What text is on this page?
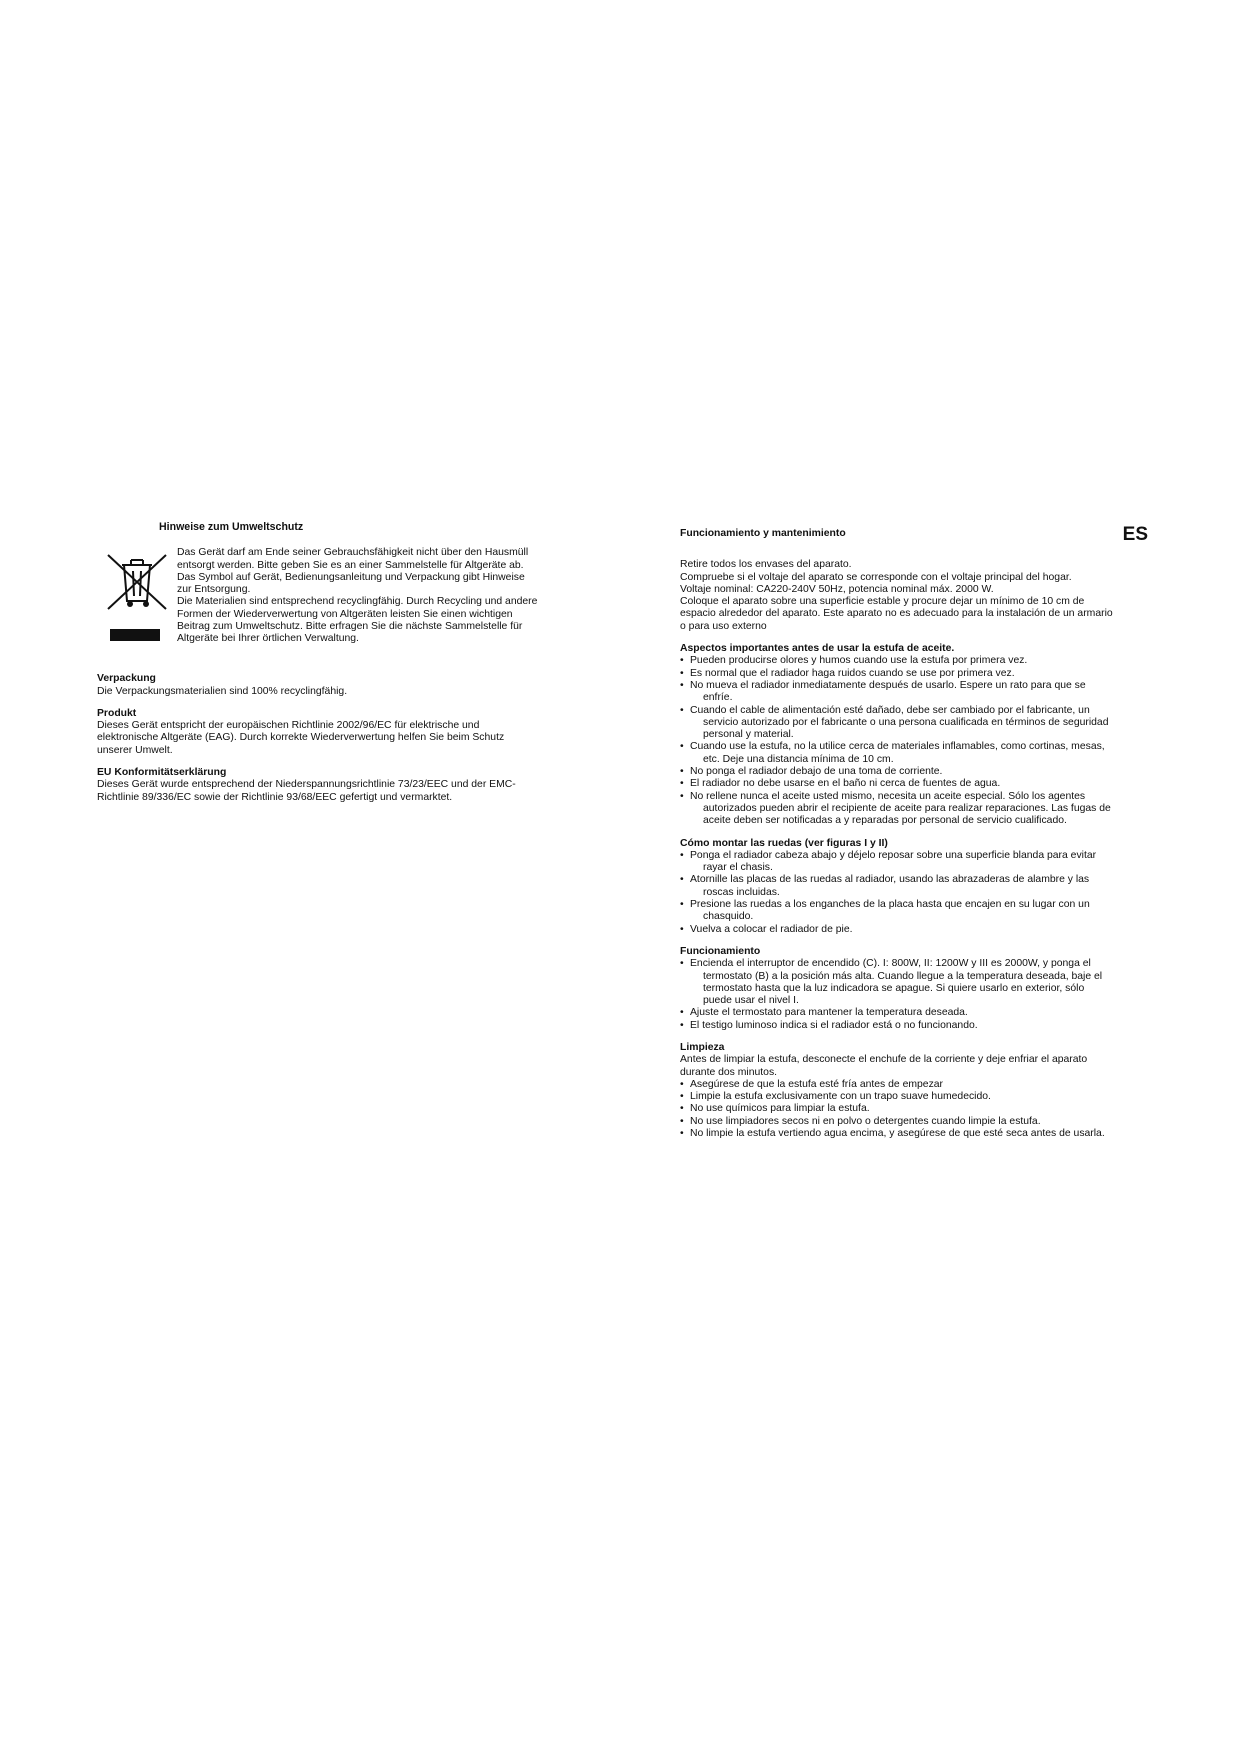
Hinweise zum Umweltschutz

Das Gerät darf am Ende seiner Gebrauchsfähigkeit nicht über den Hausmüll

entsorgt werden. Bitte geben Sie es an einer Sammelstelle für Altgeräte ab.

Das Symbol auf Gerät, Bedienungsanleitung und Verpackung gibt Hinweise

zur Entsorgung.

Die Materialien sind entsprechend recyclingfähig. Durch Recycling und andere

Formen der Wiederverwertung von Altgeräten leisten Sie einen wichtigen

Beitrag zum Umweltschutz. Bitte erfragen Sie die nächste Sammelstelle für

Altgeräte bei Ihrer örtlichen Verwaltung.

Verpackung

Die Verpackungsmaterialien sind 100% recyclingfähig.

Produkt

Dieses Gerät entspricht der europäischen Richtlinie 2002/96/EC für elektrische und

elektronische Altgeräte (EAG). Durch korrekte Wiederverwertung helfen Sie beim Schutz

unserer Umwelt.

EU Konformitätserklärung

Dieses Gerät wurde entsprechend der Niederspannungsrichtlinie 73/23/EEC und der EMC-

Richtlinie 89/336/EC sowie der Richtlinie 93/68/EEC gefertigt und vermarktet.

ES
Funcionamiento y mantenimiento

Retire todos los envases del aparato.

Compruebe si el voltaje del aparato se corresponde con el voltaje principal del hogar.

Voltaje nominal: CA220-240V 50Hz, potencia nominal máx. 2000 W.

Coloque el aparato sobre una superficie estable y procure dejar un mínimo de 10 cm de

espacio alrededor del aparato. Este aparato no es adecuado para la instalación de un armario

o para uso externo

Aspectos importantes antes de usar la estufa de aceite.

• Pueden producirse olores y humos cuando use la estufa por primera vez.

• Es normal que el radiador haga ruidos cuando se use por primera vez.

• No mueva el radiador inmediatamente después de usarlo. Espere un rato para que se

enfríe.

• Cuando el cable de alimentación esté dañado, debe ser cambiado por el fabricante, un

servicio autorizado por el fabricante o una persona cualificada en términos de seguridad

personal y material.

• Cuando use la estufa, no la utilice cerca de materiales inflamables, como cortinas, mesas,

etc. Deje una distancia mínima de 10 cm.

• No ponga el radiador debajo de una toma de corriente.

• El radiador no debe usarse en el baño ni cerca de fuentes de agua.

• No rellene nunca el aceite usted mismo, necesita un aceite especial. Sólo los agentes

autorizados pueden abrir el recipiente de aceite para realizar reparaciones. Las fugas de

aceite deben ser notificadas a y reparadas por personal de servicio cualificado.

Cómo montar las ruedas (ver figuras I y II)

• Ponga el radiador cabeza abajo y déjelo reposar sobre una superficie blanda para evitar

rayar el chasis.

• Atornille las placas de las ruedas al radiador, usando las abrazaderas de alambre y las

roscas incluidas.

• Presione las ruedas a los enganches de la placa hasta que encajen en su lugar con un

chasquido.

• Vuelva a colocar el radiador de pie.

Funcionamiento

• Encienda el interruptor de encendido (C). I: 800W, II: 1200W y III es 2000W, y ponga el

termostato (B) a la posición más alta. Cuando llegue a la temperatura deseada, baje el

termostato hasta que la luz indicadora se apague. Si quiere usarlo en exterior, sólo

puede usar el nivel I.

• Ajuste el termostato para mantener la temperatura deseada.

• El testigo luminoso indica si el radiador está o no funcionando.

Limpieza

Antes de limpiar la estufa, desconecte el enchufe de la corriente y deje enfriar el aparato

durante dos minutos.

• Asegúrese de que la estufa esté fría antes de empezar

• Limpie la estufa exclusivamente con un trapo suave humedecido.

• No use químicos para limpiar la estufa.

• No use limpiadores secos ni en polvo o detergentes cuando limpie la estufa.

• No limpie la estufa vertiendo agua encima, y asegúrese de que esté seca antes de usarla.
